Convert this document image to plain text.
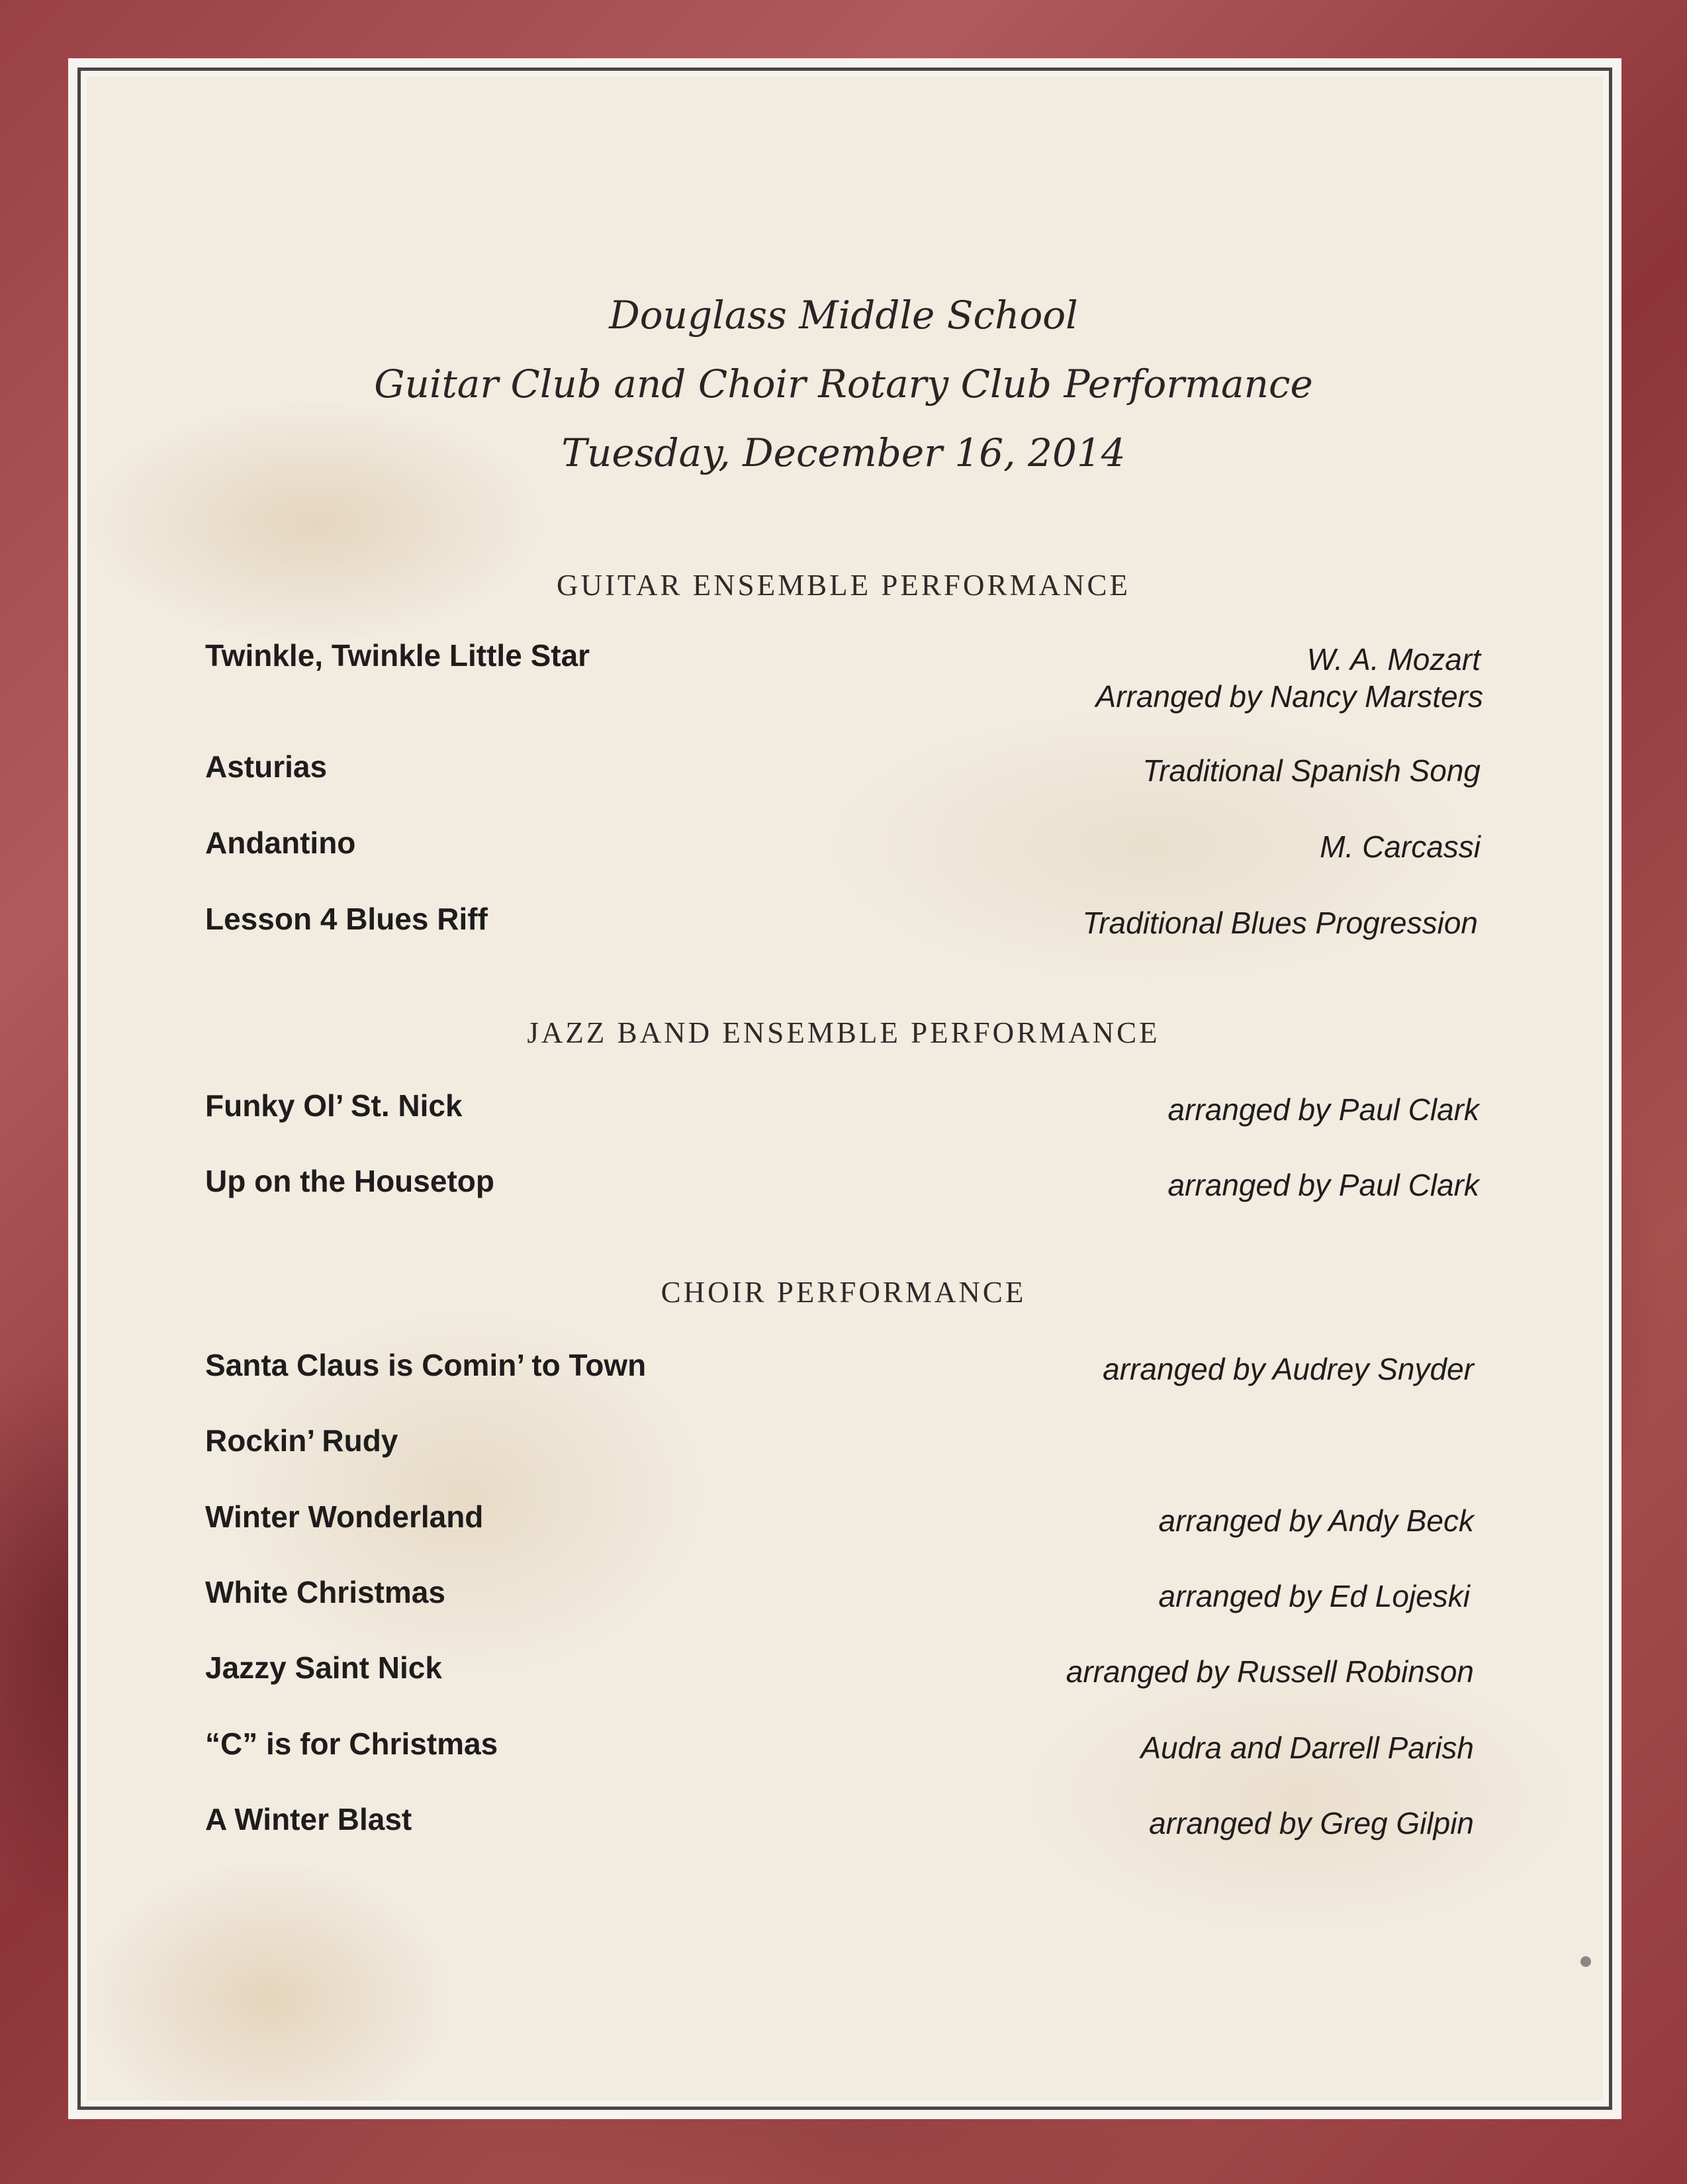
Douglass Middle School
Guitar Club and Choir Rotary Club Performance
Tuesday, December 16, 2014
GUITAR ENSEMBLE PERFORMANCE
Twinkle, Twinkle Little Star	W. A. Mozart
Arranged by Nancy Marsters
Asturias	Traditional Spanish Song
Andantino	M. Carcassi
Lesson 4 Blues Riff	Traditional Blues Progression
JAZZ BAND ENSEMBLE PERFORMANCE
Funky Ol’ St. Nick	arranged by Paul Clark
Up on the Housetop	arranged by Paul Clark
CHOIR PERFORMANCE
Santa Claus is Comin’ to Town	arranged by Audrey Snyder
Rockin’ Rudy
Winter Wonderland	arranged by Andy Beck
White Christmas	arranged by Ed Lojeski
Jazzy Saint Nick	arranged by Russell Robinson
“C” is for Christmas	Audra and Darrell Parish
A Winter Blast	arranged by Greg Gilpin
